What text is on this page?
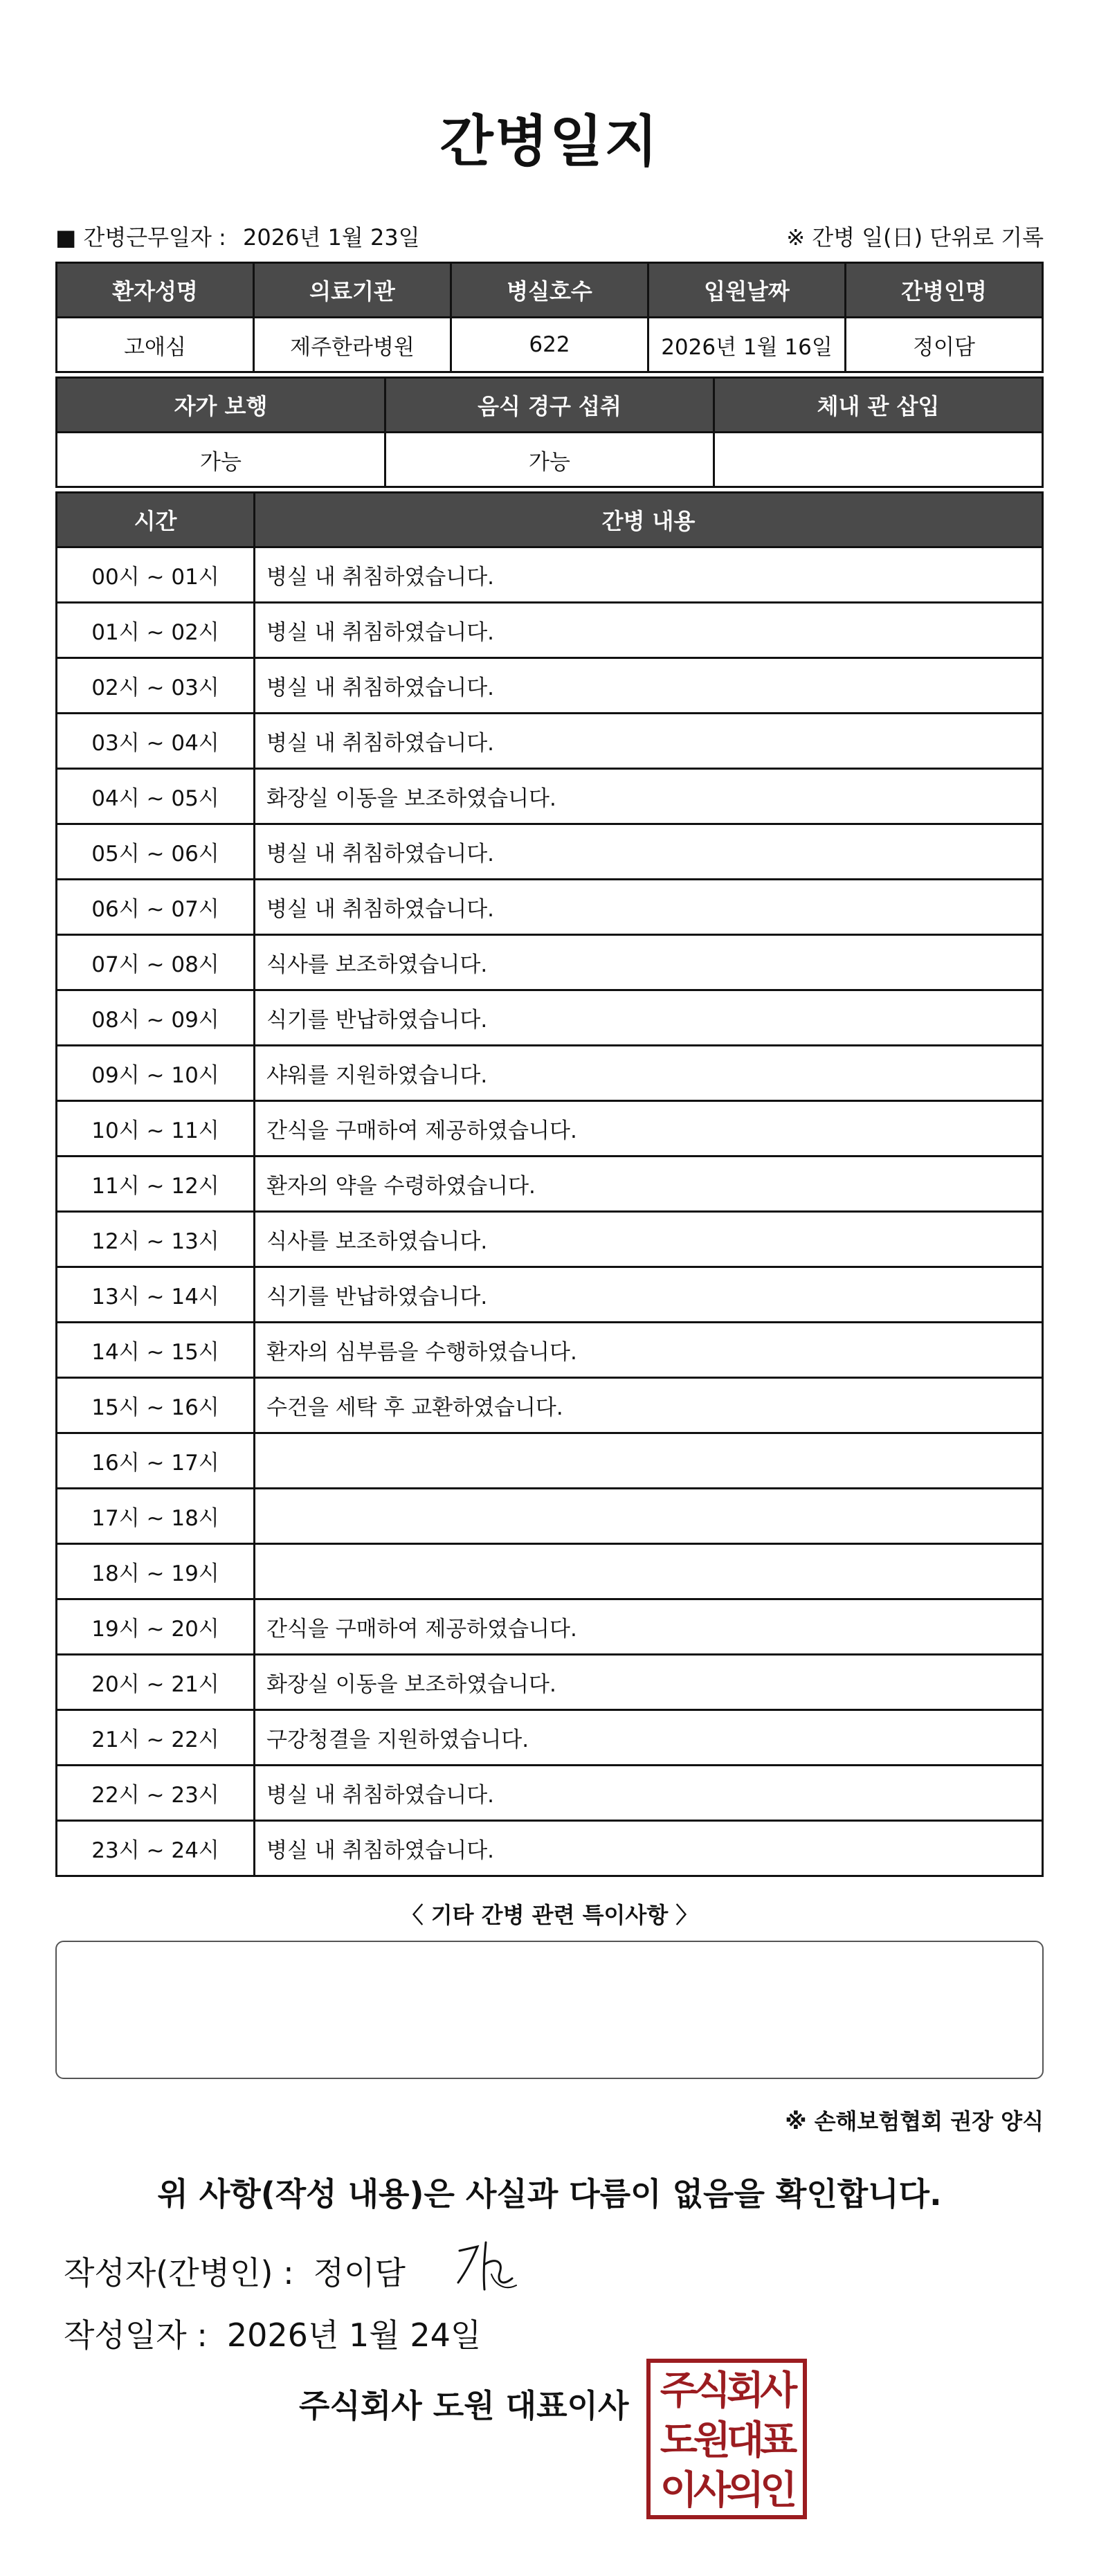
간병일지
■ 간병근무일자 : 2026년 1월 23일	※ 간병 일(日) 단위로 기록
환자성명	의료기관	병실호수	입원날짜	간병인명
고애심	제주한라병원	622	2026년 1월 16일	정이담
자가 보행	음식 경구 섭취	체내 관 삽입
가능	가능	
시간	간병 내용
00시 ~ 01시	병실 내 취침하였습니다.
01시 ~ 02시	병실 내 취침하였습니다.
02시 ~ 03시	병실 내 취침하였습니다.
03시 ~ 04시	병실 내 취침하였습니다.
04시 ~ 05시	화장실 이동을 보조하였습니다.
05시 ~ 06시	병실 내 취침하였습니다.
06시 ~ 07시	병실 내 취침하였습니다.
07시 ~ 08시	식사를 보조하였습니다.
08시 ~ 09시	식기를 반납하였습니다.
09시 ~ 10시	샤워를 지원하였습니다.
10시 ~ 11시	간식을 구매하여 제공하였습니다.
11시 ~ 12시	환자의 약을 수령하였습니다.
12시 ~ 13시	식사를 보조하였습니다.
13시 ~ 14시	식기를 반납하였습니다.
14시 ~ 15시	환자의 심부름을 수행하였습니다.
15시 ~ 16시	수건을 세탁 후 교환하였습니다.
16시 ~ 17시	
17시 ~ 18시	
18시 ~ 19시	
19시 ~ 20시	간식을 구매하여 제공하였습니다.
20시 ~ 21시	화장실 이동을 보조하였습니다.
21시 ~ 22시	구강청결을 지원하였습니다.
22시 ~ 23시	병실 내 취침하였습니다.
23시 ~ 24시	병실 내 취침하였습니다.
〈 기타 간병 관련 특이사항 〉
※ 손해보험협회 권장 양식
위 사항(작성 내용)은 사실과 다름이 없음을 확인합니다.
작성자(간병인) : 정이담
작성일자 : 2026년 1월 24일
주식회사 도원 대표이사 주식회사
도원대표
이사의인
